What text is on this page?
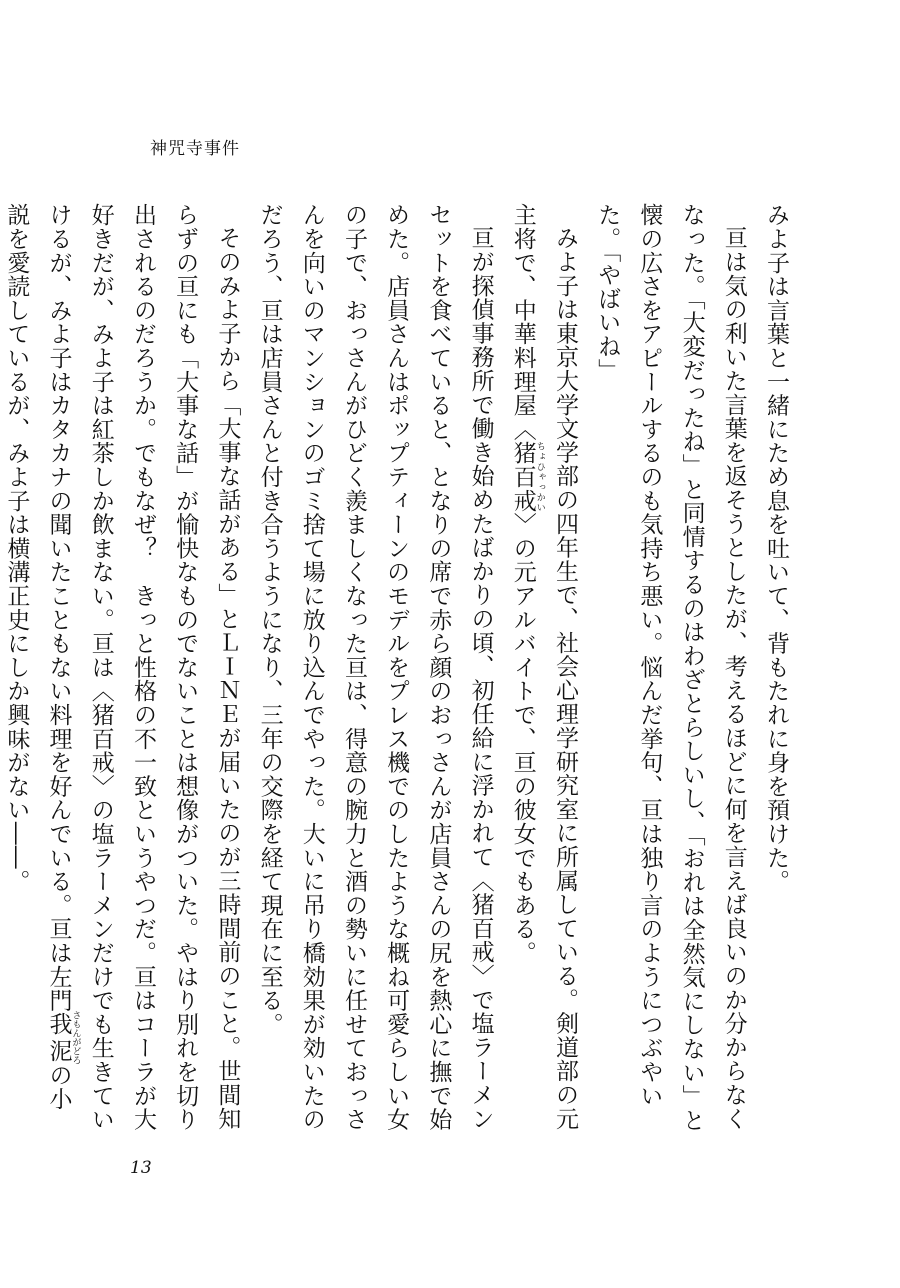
神咒寺事件

みよ子は言葉と一緒にため息を吐いて、背もたれに身を預けた。

亘は気の利いた言葉を返そうとしたが、考えるほどに何を言えば良いのか分からなくなった。「大変だったね」と同情するのはわざとらしいし、「おれは全然気にしない」と懐の広さをアピールするのも気持ち悪い。悩んだ挙句、亘は独り言のようにつぶやいた。「やばいね」

みよ子は東京大学文学部の四年生で、社会心理学研究室に所属している。剣道部の元主将で、中華料理屋〈猪百戒 ちょひゃっかい〉の元アルバイトで、亘の彼女でもある。

亘が探偵事務所で働き始めたばかりの頃、初任給に浮かれて〈猪百戒〉で塩ラーメンセットを食べていると、となりの席で赤ら顔のおっさんが店員さんの尻を熱心に撫で始めた。店員さんはポップティーンのモデルをプレス機でのしたような概ね可愛らしい女の子で、おっさんがひどく羨ましくなった亘は、得意の腕力と酒の勢いに任せておっさんを向いのマンションのゴミ捨て場に放り込んでやった。大いに吊り橋効果が効いたのだろう、亘は店員さんと付き合うようになり、三年の交際を経て現在に至る。

そのみよ子から「大事な話がある」とＬＩＮＥが届いたのが三時間前のこと。世間知らずの亘にも「大事な話」が愉快なものでないことは想像がついた。やはり別れを切り出されるのだろうか。でもなぜ？　きっと性格の不一致というやつだ。亘はコーラが大好きだが、みよ子は紅茶しか飲まない。亘は〈猪百戒〉の塩ラーメンだけでも生きていけるが、みよ子はカタカナの聞いたこともない料理を好んでいる。亘は左門我泥 さもんがどろの小説を愛読しているが、みよ子は横溝正史にしか興味がない――。

13
